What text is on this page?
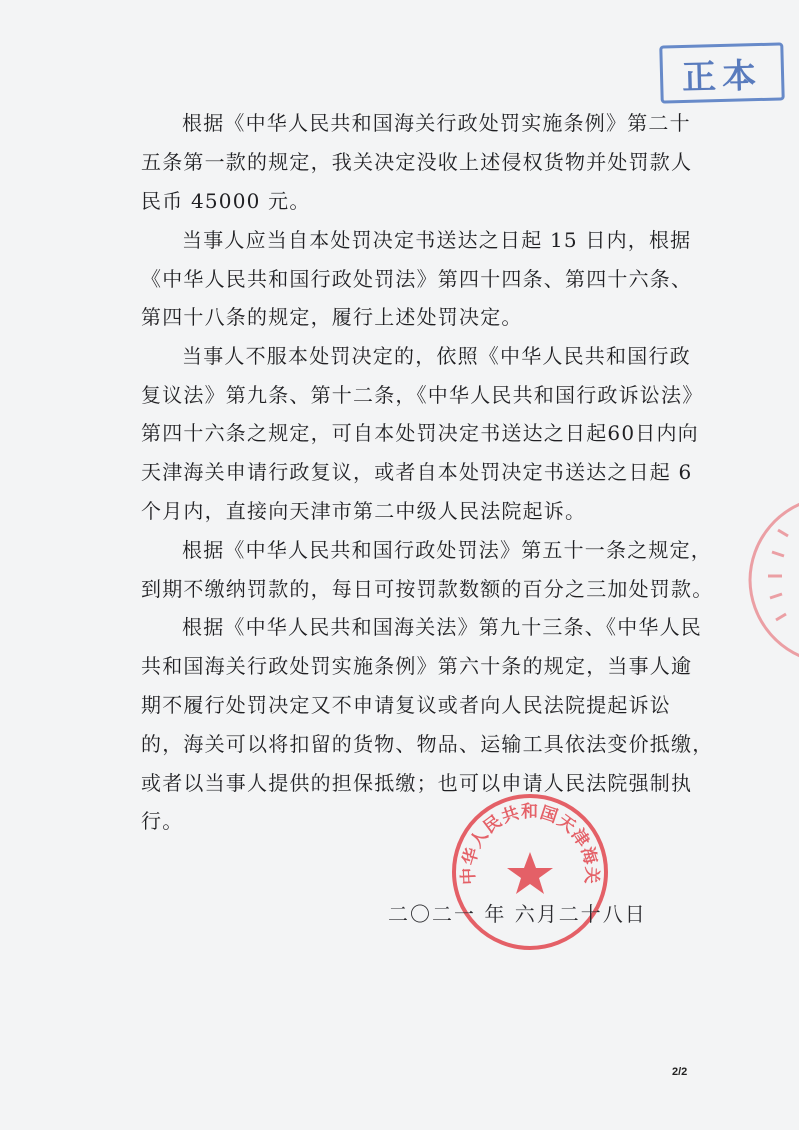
正本
根据《中华人民共和国海关行政处罚实施条例》第二十
五条第一款的规定，我关决定没收上述侵权货物并处罚款人
民币 45000 元。
当事人应当自本处罚决定书送达之日起 15 日内，根据
《中华人民共和国行政处罚法》第四十四条、第四十六条、
第四十八条的规定，履行上述处罚决定。
当事人不服本处罚决定的，依照《中华人民共和国行政
复议法》第九条、第十二条，《中华人民共和国行政诉讼法》
第四十六条之规定，可自本处罚决定书送达之日起60日内向
天津海关申请行政复议，或者自本处罚决定书送达之日起 6
个月内，直接向天津市第二中级人民法院起诉。
根据《中华人民共和国行政处罚法》第五十一条之规定，
到期不缴纳罚款的，每日可按罚款数额的百分之三加处罚款。
根据《中华人民共和国海关法》第九十三条、《中华人民
共和国海关行政处罚实施条例》第六十条的规定，当事人逾
期不履行处罚决定又不申请复议或者向人民法院提起诉讼
的，海关可以将扣留的货物、物品、运输工具依法变价抵缴，
或者以当事人提供的担保抵缴；也可以申请人民法院强制执
行。
中华人民共和国天津海关
二〇二一 年 六月二十八日
2/2
